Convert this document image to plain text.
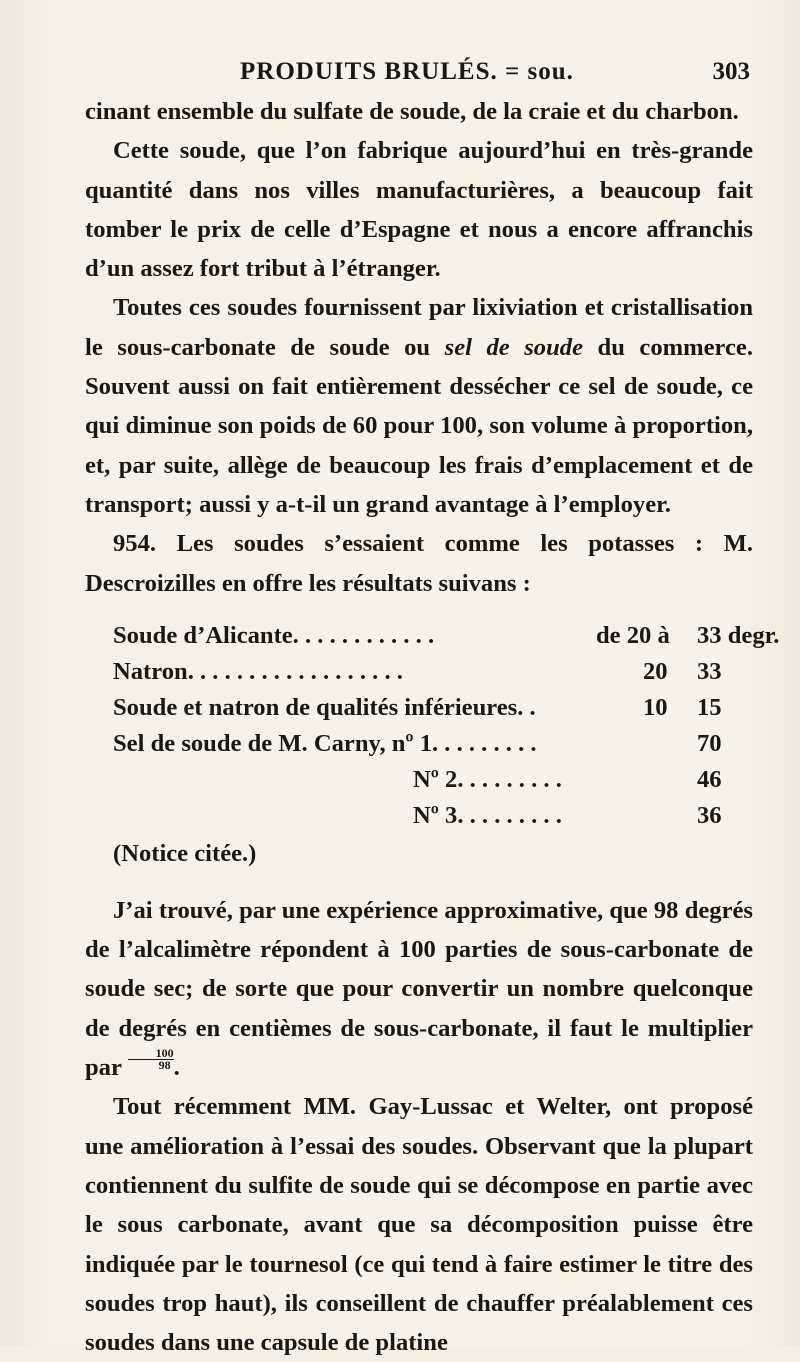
PRODUITS BRULÉS. = sou.	303

cinant ensemble du sulfate de soude, de la craie et du charbon.

Cette soude, que l’on fabrique aujourd’hui en très-grande quantité dans nos villes manufacturières, a beaucoup fait tomber le prix de celle d’Espagne et nous a encore affranchis d’un assez fort tribut à l’étranger.

Toutes ces soudes fournissent par lixiviation et cristallisation le sous-carbonate de soude ou sel de soude du commerce. Souvent aussi on fait entièrement dessécher ce sel de soude, ce qui diminue son poids de 60 pour 100, son volume à proportion, et, par suite, allège de beaucoup les frais d’emplacement et de transport; aussi y a-t-il un grand avantage à l’employer.

954. Les soudes s’essaient comme les potasses : M. Descroizilles en offre les résultats suivans :

Soude d’Alicante. . . . . . . . . . . .	de 20 à 33 degr.
Natron. . . . . . . . . . . . . . . . . .	20 33
Soude et natron de qualités inférieures. .	10 15
Sel de soude de M. Carny, nº 1. . . . . . . . .	70
Nº 2. . . . . . . . .	46
Nº 3. . . . . . . . .	36
(Notice citée.)

J’ai trouvé, par une expérience approximative, que 98 degrés de l’alcalimètre répondent à 100 parties de sous-carbonate de soude sec; de sorte que pour convertir un nombre quelconque de degrés en centièmes de sous-carbonate, il faut le multiplier par $\frac{100}{98}$ .

Tout récemment MM. Gay-Lussac et Welter, ont proposé une amélioration à l’essai des soudes. Observant que la plupart contiennent du sulfite de soude qui se décompose en partie avec le sous carbonate, avant que sa décomposition puisse être indiquée par le tournesol (ce qui tend à faire estimer le titre des soudes trop haut), ils conseillent de chauffer préalablement ces soudes dans une capsule de platine
